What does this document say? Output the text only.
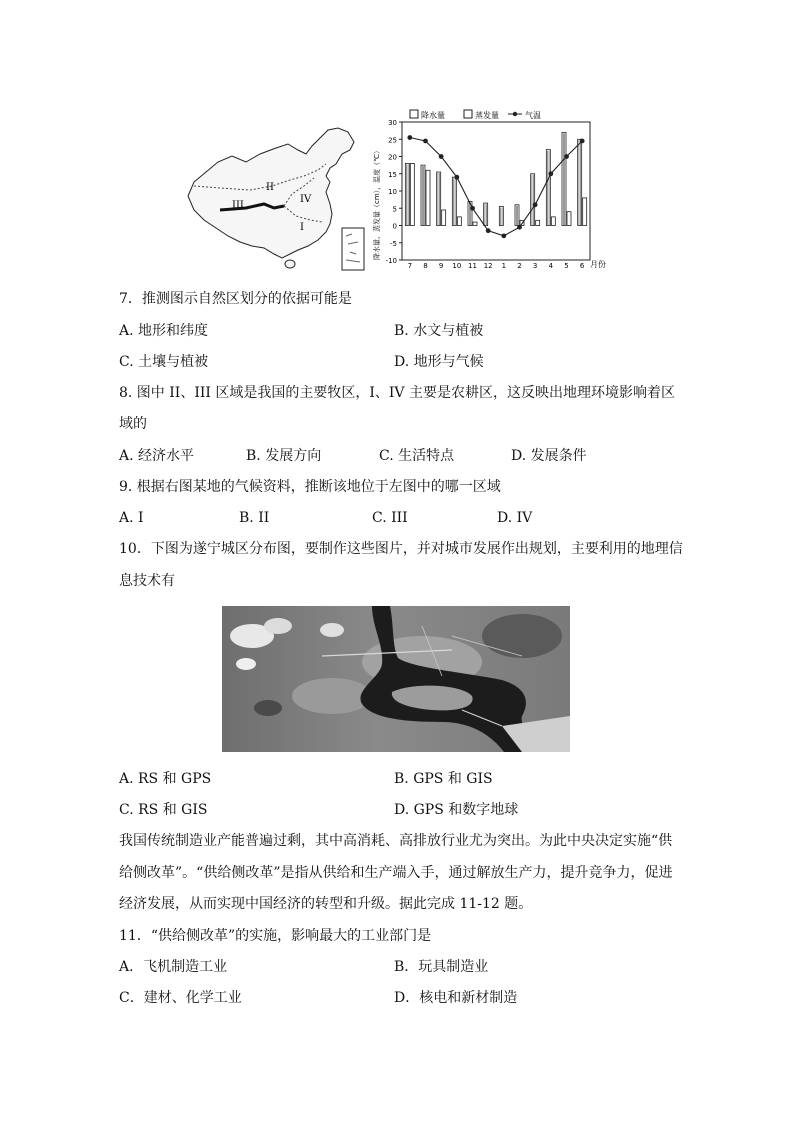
II
III
IV
I
降水量	蒸发量	气温
降水量、蒸发量（cm），温度（℃）
-10
-5
0
5
10
15
20
25
30
7 8 9 10 11 12 1 2 3 4 5 6 月份
7．推测图示自然区划分的依据可能是
A. 地形和纬度	B. 水文与植被
C. 土壤与植被	D. 地形与气候
8. 图中 II、III 区域是我国的主要牧区，I、IV 主要是农耕区，这反映出地理环境影响着区
域的
A. 经济水平	B. 发展方向	C. 生活特点	D. 发展条件
9. 根据右图某地的气候资料，推断该地位于左图中的哪一区域
A. I	B. II	C. III	D. IV
10．下图为遂宁城区分布图，要制作这些图片，并对城市发展作出规划，主要利用的地理信
息技术有
A. RS 和 GPS	B. GPS 和 GIS
C. RS 和 GIS	D. GPS 和数字地球
我国传统制造业产能普遍过剩，其中高消耗、高排放行业尤为突出。为此中央决定实施“供
给侧改革”。“供给侧改革”是指从供给和生产端入手，通过解放生产力，提升竞争力，促进
经济发展，从而实现中国经济的转型和升级。据此完成 11-12 题。
11．“供给侧改革”的实施，影响最大的工业部门是
A．飞机制造工业	B．玩具制造业
C．建材、化学工业	D．核电和新材制造
